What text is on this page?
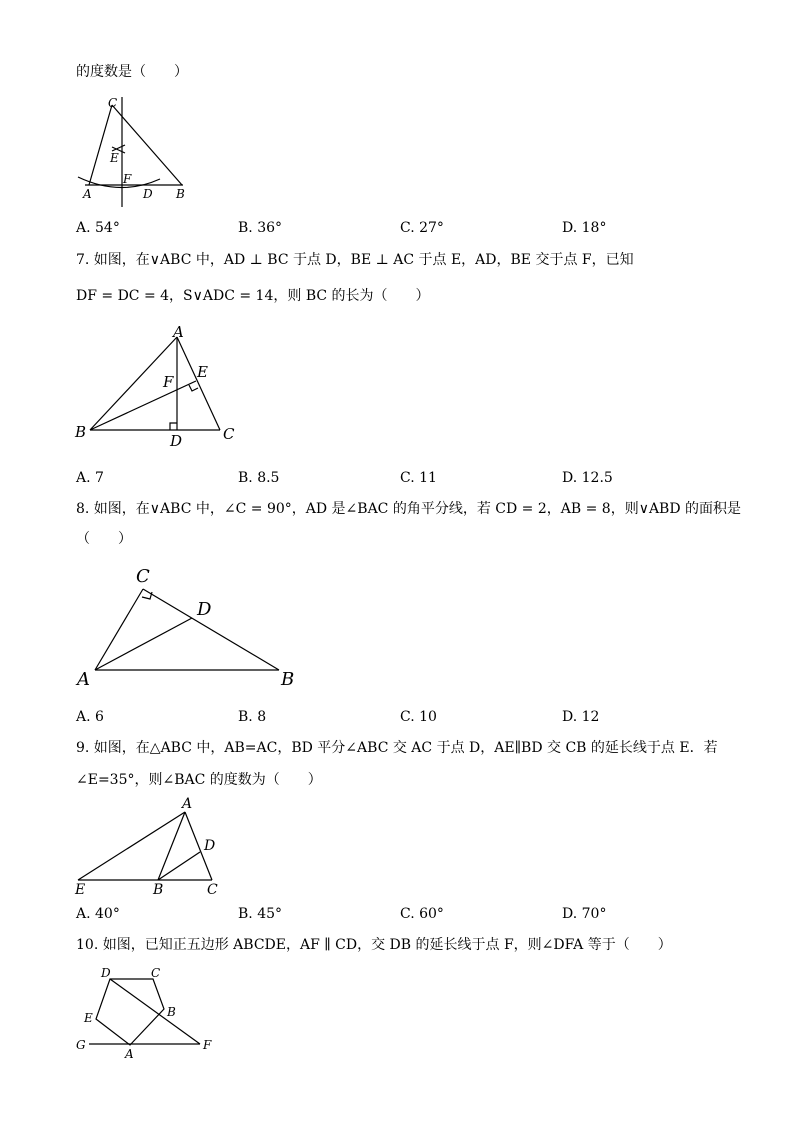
的度数是（　　）
C
E
F
A	D B
A. 54°	B. 36°	C. 27°	D. 18°
7. 如图，在∨ABC 中，AD ⊥ BC 于点 D，BE ⊥ AC 于点 E，AD，BE 交于点 F，已知
DF = DC = 4，S∨ADC = 14，则 BC 的长为（　　）
A
E
F
B	D	C
A. 7	B. 8.5	C. 11	D. 12.5
8. 如图，在∨ABC 中，∠C = 90°，AD 是∠BAC 的角平分线，若 CD = 2，AB = 8，则∨ABD 的面积是
（　　）
C
D
A	B
A. 6	B. 8	C. 10	D. 12
9. 如图，在△ABC 中，AB=AC，BD 平分∠ABC 交 AC 于点 D，AE∥BD 交 CB 的延长线于点 E．若
∠E=35°，则∠BAC 的度数为（　　）
A
D
E	B	C
A. 40°	B. 45°	C. 60°	D. 70°
10. 如图，已知正五边形 ABCDE，AF ∥ CD，交 DB 的延长线于点 F，则∠DFA 等于（　　）
D	C
E	B
G
A
F
